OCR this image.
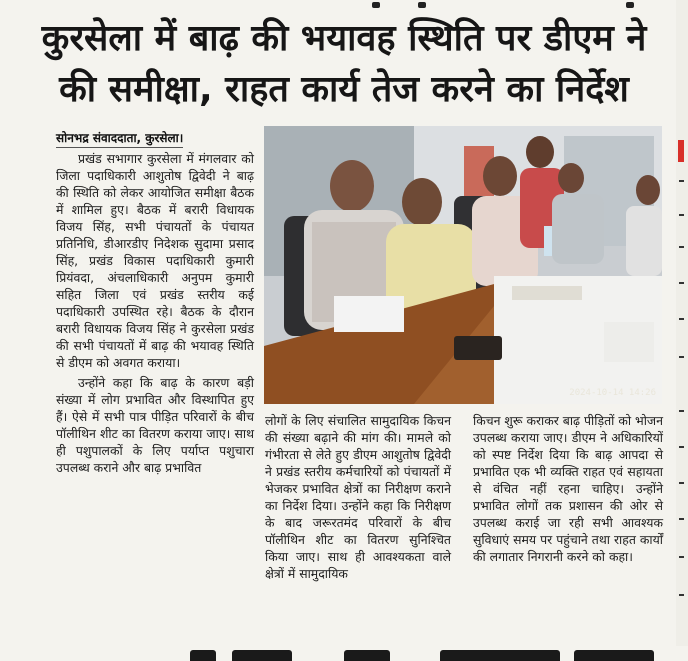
कुरसेला में बाढ़ की भयावह स्थिति पर डीएम ने
की समीक्षा, राहत कार्य तेज करने का निर्देश
सोनभद्र संवाददाता, कुरसेला।

प्रखंड सभागार कुरसेला में मंगलवार को जिला पदाधिकारी आशुतोष द्विवेदी ने बाढ़ की स्थिति को लेकर आयोजित समीक्षा बैठक में शामिल हुए। बैठक में बरारी विधायक विजय सिंह, सभी पंचायतों के पंचायत प्रतिनिधि, डीआरडीए निदेशक सुदामा प्रसाद सिंह, प्रखंड विकास पदाधिकारी कुमारी प्रियंवदा, अंचलाधिकारी अनुपम कुमारी सहित जिला एवं प्रखंड स्तरीय कई पदाधिकारी उपस्थित रहे। बैठक के दौरान बरारी विधायक विजय सिंह ने कुरसेला प्रखंड की सभी पंचायतों में बाढ़ की भयावह स्थिति से डीएम को अवगत कराया।

उन्होंने कहा कि बाढ़ के कारण बड़ी संख्या में लोग प्रभावित और विस्थापित हुए हैं। ऐसे में सभी पात्र पीड़ित परिवारों के बीच पॉलीथिन शीट का वितरण कराया जाए। साथ ही पशुपालकों के लिए पर्याप्त पशुचारा उपलब्ध कराने और बाढ़ प्रभावित

2024-10-14 14:26

लोगों के लिए संचालित सामुदायिक किचन की संख्या बढ़ाने की मांग की। मामले को गंभीरता से लेते हुए डीएम आशुतोष द्विवेदी ने प्रखंड स्तरीय कर्मचारियों को पंचायतों में भेजकर प्रभावित क्षेत्रों का निरीक्षण कराने का निर्देश दिया। उन्होंने कहा कि निरीक्षण के बाद जरूरतमंद परिवारों के बीच पॉलीथिन शीट का वितरण सुनिश्चित किया जाए। साथ ही आवश्यकता वाले क्षेत्रों में सामुदायिक

किचन शुरू कराकर बाढ़ पीड़ितों को भोजन उपलब्ध कराया जाए। डीएम ने अधिकारियों को स्पष्ट निर्देश दिया कि बाढ़ आपदा से प्रभावित एक भी व्यक्ति राहत एवं सहायता से वंचित नहीं रहना चाहिए। उन्होंने प्रभावित लोगों तक प्रशासन की ओर से उपलब्ध कराई जा रही सभी आवश्यक सुविधाएं समय पर पहुंचाने तथा राहत कार्यों की लगातार निगरानी करने को कहा।
